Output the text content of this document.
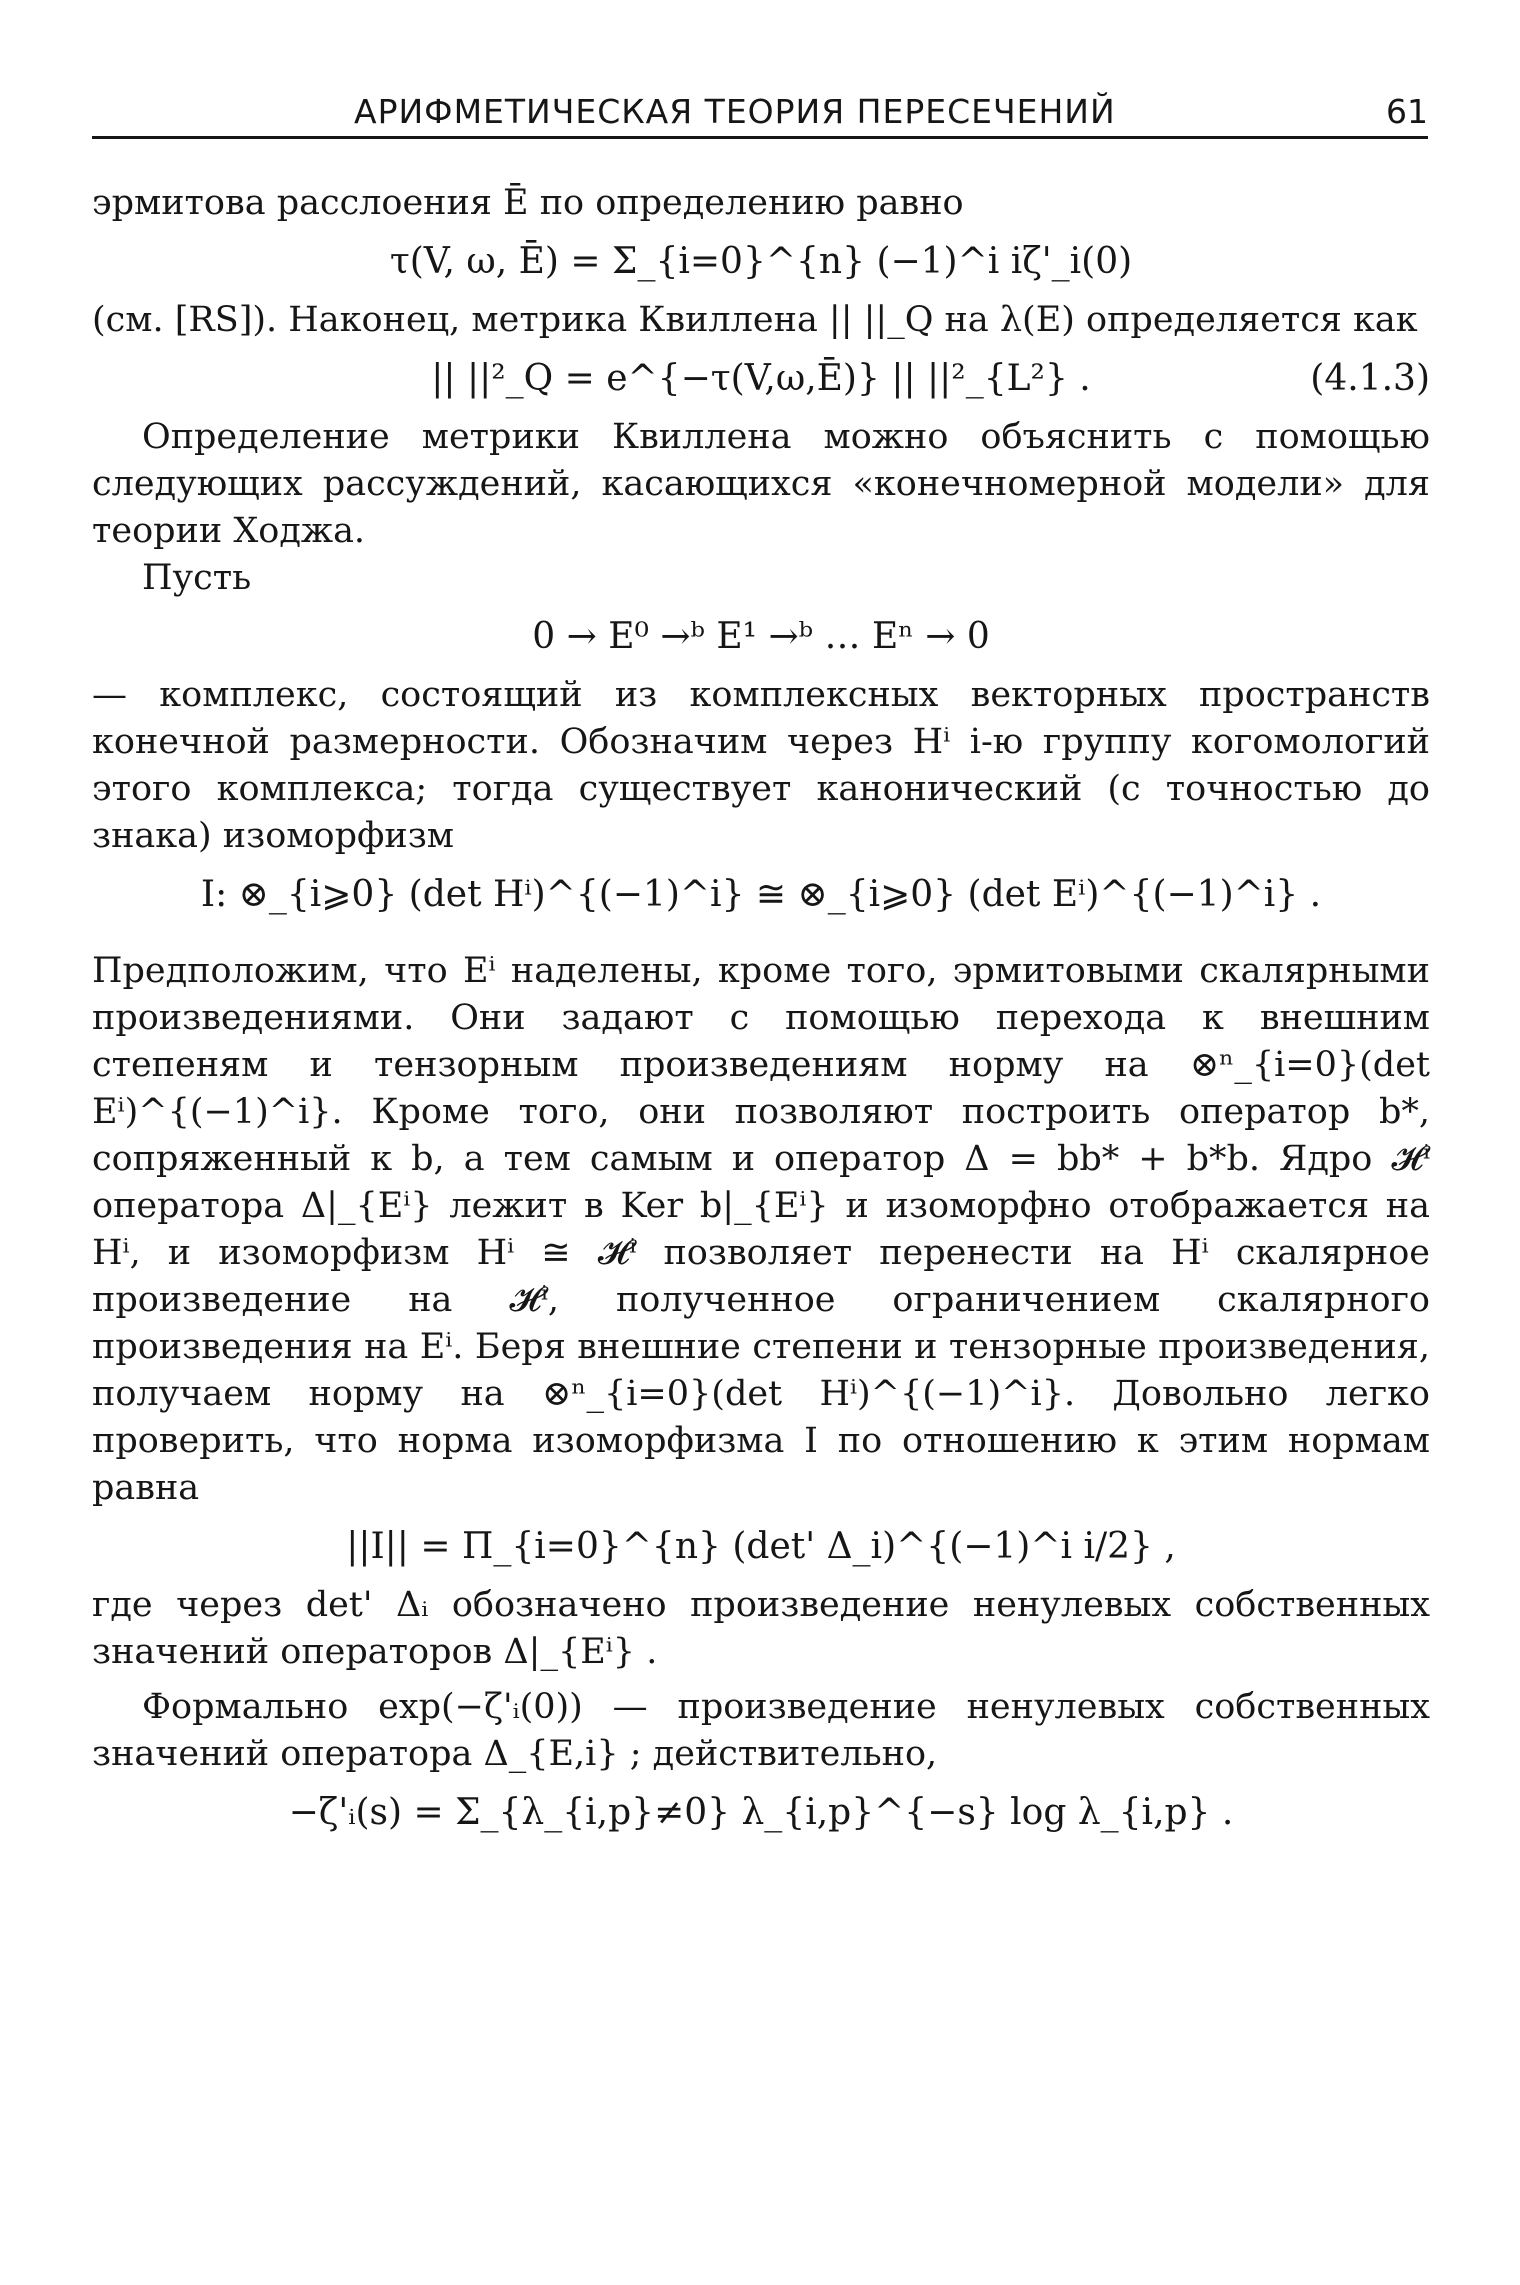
АРИФМЕТИЧЕСКАЯ ТЕОРИЯ ПЕРЕСЕЧЕНИЙ	61

эрмитова расслоения Ē по определению равно

τ(V, ω, Ē) = Σ_{i=0}^{n} (−1)^i iζ'_i(0)

(см. [RS]). Наконец, метрика Квиллена || ||_Q на λ(E) определяется как

|| ||²_Q = e^{−τ(V,ω,Ē)} || ||²_{L²} .	(4.1.3)

Определение метрики Квиллена можно объяснить с помощью следующих рассуждений, касающихся «конечномерной модели» для теории Ходжа.

Пусть

0 → E⁰ →ᵇ E¹ →ᵇ … Eⁿ → 0

— комплекс, состоящий из комплексных векторных пространств конечной размерности. Обозначим через Hⁱ i-ю группу когомологий этого комплекса; тогда существует канонический (с точностью до знака) изоморфизм

I: ⊗_{i⩾0} (det Hⁱ)^{(−1)^i} ≅ ⊗_{i⩾0} (det Eⁱ)^{(−1)^i} .

Предположим, что Eⁱ наделены, кроме того, эрмитовыми скалярными произведениями. Они задают с помощью перехода к внешним степеням и тензорным произведениям норму на ⊗ⁿ_{i=0}(det Eⁱ)^{(−1)^i}. Кроме того, они позволяют построить оператор b*, сопряженный к b, а тем самым и оператор Δ = bb* + b*b. Ядро 𝓗ⁱ оператора Δ|_{Eⁱ} лежит в Ker b|_{Eⁱ} и изоморфно отображается на Hⁱ, и изоморфизм Hⁱ ≅ 𝓗ⁱ позволяет перенести на Hⁱ скалярное произведение на 𝓗ⁱ, полученное ограничением скалярного произведения на Eⁱ. Беря внешние степени и тензорные произведения, получаем норму на ⊗ⁿ_{i=0}(det Hⁱ)^{(−1)^i}. Довольно легко проверить, что норма изоморфизма I по отношению к этим нормам равна

||I|| = Π_{i=0}^{n} (det' Δ_i)^{(−1)^i i/2} ,

где через det' Δᵢ обозначено произведение ненулевых собственных значений операторов Δ|_{Eⁱ} .

Формально exp(−ζ'ᵢ(0)) — произведение ненулевых собственных значений оператора Δ_{E,i} ; действительно,

−ζ'ᵢ(s) = Σ_{λ_{i,p}≠0} λ_{i,p}^{−s} log λ_{i,p} .
